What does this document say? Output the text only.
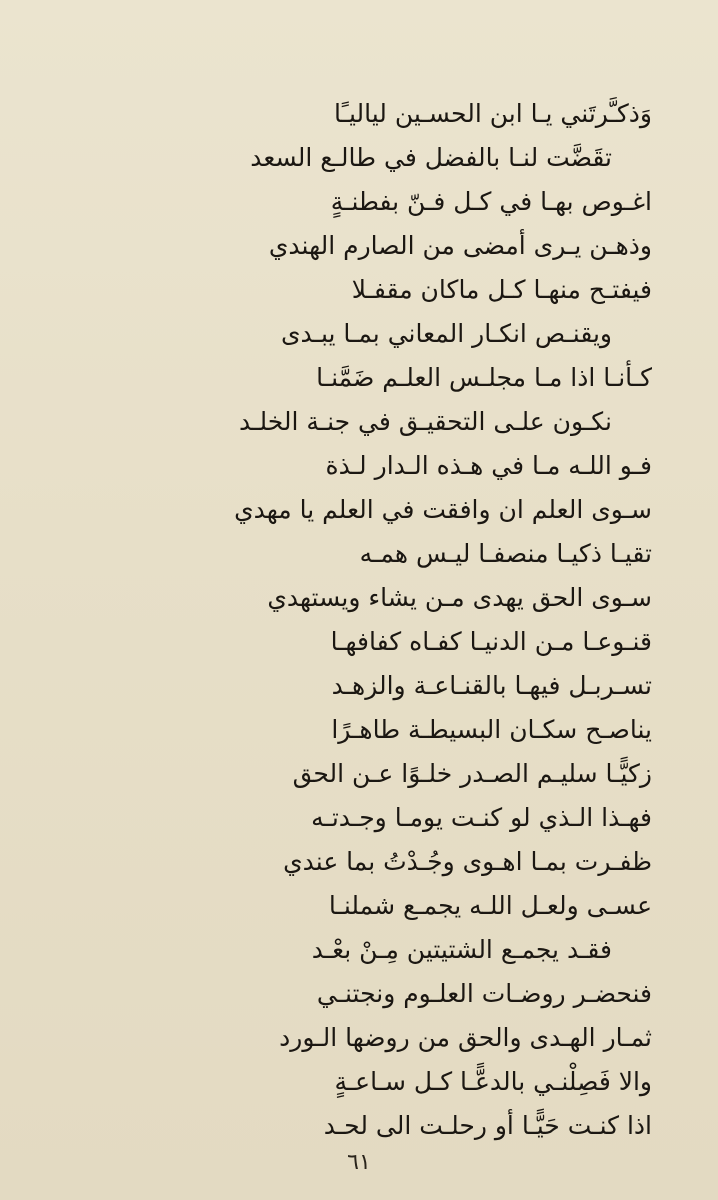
وَذكـَّرتَني يـا ابن الحسـين لياليـًا
تقَضَّت لنـا بالفضل في طالـع السعد
اغـوص بهـا في كـل فـنّ بفطنـةٍ
وذهـن يـرى أمضى من الصارم الهندي
فيفتـح منهـا كـل ماكان مقفـلا
ويقنـص انكـار المعاني بمـا يبـدى
كـأنـا اذا مـا مجلـس العلـم ضَمَّنـا
نكـون علـى التحقيـق في جنـة الخلـد
فـو اللـه مـا في هـذه الـدار لـذة
سـوى العلم ان وافقت في العلم يا مهدي
تقيـا ذكيـا منصفـا ليـس همـه
سـوى الحق يهدى مـن يشاء ويستهدي
قنـوعـا مـن الدنيـا كفـاه كفافهـا
تسـربـل فيهـا بالقنـاعـة والزهـد
يناصـح سكـان البسيطـة طاهـرًا
زكيًّـا سليـم الصـدر خلـوًا عـن الحق
فهـذا الـذي لو كنـت يومـا وجـدتـه
ظفـرت بمـا اهـوى وجُـدْتُ بما عندي
عسـى ولعـل اللـه يجمـع شملنـا
فقـد يجمـع الشتيتين مِـنْ بعْـد
فنحضـر روضـات العلـوم ونجتنـي
ثمـار الهـدى والحق من روضها الـورد
والا فَصِلْنـي بالدعًّـا كـل سـاعـةٍ
اذا كنـت حَيًّـا أو رحلـت الى لحـد
٦١
